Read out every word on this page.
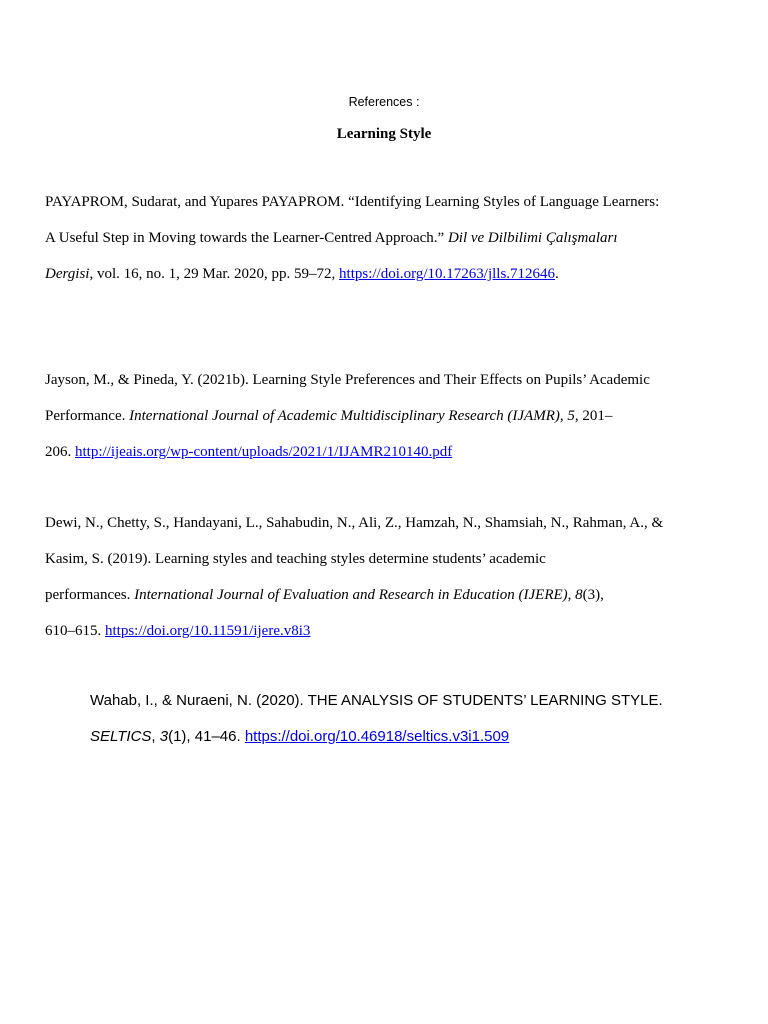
References :
Learning Style
PAYAPROM, Sudarat, and Yupares PAYAPROM. “Identifying Learning Styles of Language Learners:
A Useful Step in Moving towards the Learner-Centred Approach.” Dil ve Dilbilimi Çalışmaları
Dergisi, vol. 16, no. 1, 29 Mar. 2020, pp. 59–72, https://doi.org/10.17263/jlls.712646.
Jayson, M., & Pineda, Y. (2021b). Learning Style Preferences and Their Effects on Pupils’ Academic
Performance. International Journal of Academic Multidisciplinary Research (IJAMR), 5, 201–
206. http://ijeais.org/wp-content/uploads/2021/1/IJAMR210140.pdf
Dewi, N., Chetty, S., Handayani, L., Sahabudin, N., Ali, Z., Hamzah, N., Shamsiah, N., Rahman, A., &
Kasim, S. (2019). Learning styles and teaching styles determine students’ academic
performances. International Journal of Evaluation and Research in Education (IJERE), 8(3),
610–615. https://doi.org/10.11591/ijere.v8i3
Wahab, I., & Nuraeni, N. (2020). THE ANALYSIS OF STUDENTS’ LEARNING STYLE.
SELTICS, 3(1), 41–46. https://doi.org/10.46918/seltics.v3i1.509
